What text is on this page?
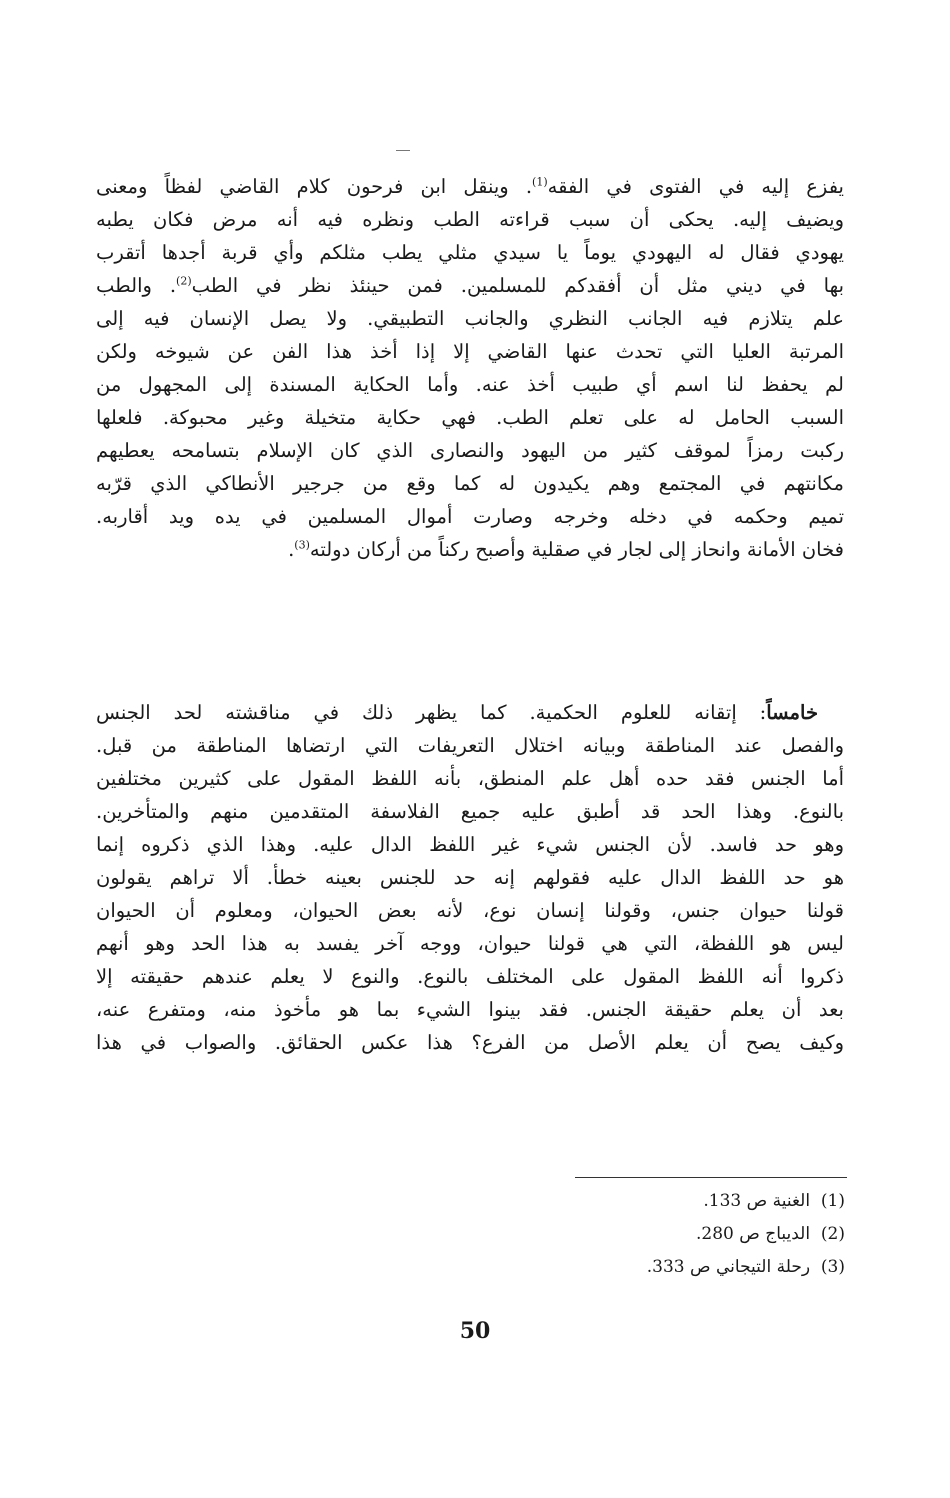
يفزع إليه في الفتوى في الفقه$^{(1)}$. وينقل ابن فرحون كلام القاضي لفظاً ومعنى
ويضيف إليه. يحكى أن سبب قراءته الطب ونظره فيه أنه مرض فكان يطبه
يهودي فقال له اليهودي يوماً يا سيدي مثلي يطب مثلكم وأي قربة أجدها أتقرب
بها في ديني مثل أن أفقدكم للمسلمين. فمن حينئذ نظر في الطب$^{(2)}$. والطب
علم يتلازم فيه الجانب النظري والجانب التطبيقي. ولا يصل الإنسان فيه إلى
المرتبة العليا التي تحدث عنها القاضي إلا إذا أخذ هذا الفن عن شيوخه ولكن
لم يحفظ لنا اسم أي طبيب أخذ عنه. وأما الحكاية المسندة إلى المجهول من
السبب الحامل له على تعلم الطب. فهي حكاية متخيلة وغير محبوكة. فلعلها
ركبت رمزاً لموقف كثير من اليهود والنصارى الذي كان الإسلام بتسامحه يعطيهم
مكانتهم في المجتمع وهم يكيدون له كما وقع من جرجير الأنطاكي الذي قرّبه
تميم وحكمه في دخله وخرجه وصارت أموال المسلمين في يده ويد أقاربه.
فخان الأمانة وانحاز إلى لجار في صقلية وأصبح ركناً من أركان دولته$^{(3)}$.
خامساً: إتقانه للعلوم الحكمية. كما يظهر ذلك في مناقشته لحد الجنس
والفصل عند المناطقة وبيانه اختلال التعريفات التي ارتضاها المناطقة من قبل.
أما الجنس فقد حده أهل علم المنطق، بأنه اللفظ المقول على كثيرين مختلفين
بالنوع. وهذا الحد قد أطبق عليه جميع الفلاسفة المتقدمين منهم والمتأخرين.
وهو حد فاسد. لأن الجنس شيء غير اللفظ الدال عليه. وهذا الذي ذكروه إنما
هو حد اللفظ الدال عليه فقولهم إنه حد للجنس بعينه خطأ. ألا تراهم يقولون
قولنا حيوان جنس، وقولنا إنسان نوع، لأنه بعض الحيوان، ومعلوم أن الحيوان
ليس هو اللفظة، التي هي قولنا حيوان، ووجه آخر يفسد به هذا الحد وهو أنهم
ذكروا أنه اللفظ المقول على المختلف بالنوع. والنوع لا يعلم عندهم حقيقته إلا
بعد أن يعلم حقيقة الجنس. فقد بينوا الشيء بما هو مأخوذ منه، ومتفرع عنه،
وكيف يصح أن يعلم الأصل من الفرع؟ هذا عكس الحقائق. والصواب في هذا
(1)  الغنية ص 133.
(2)  الديباج ص 280.
(3)  رحلة التيجاني ص 333.
50
